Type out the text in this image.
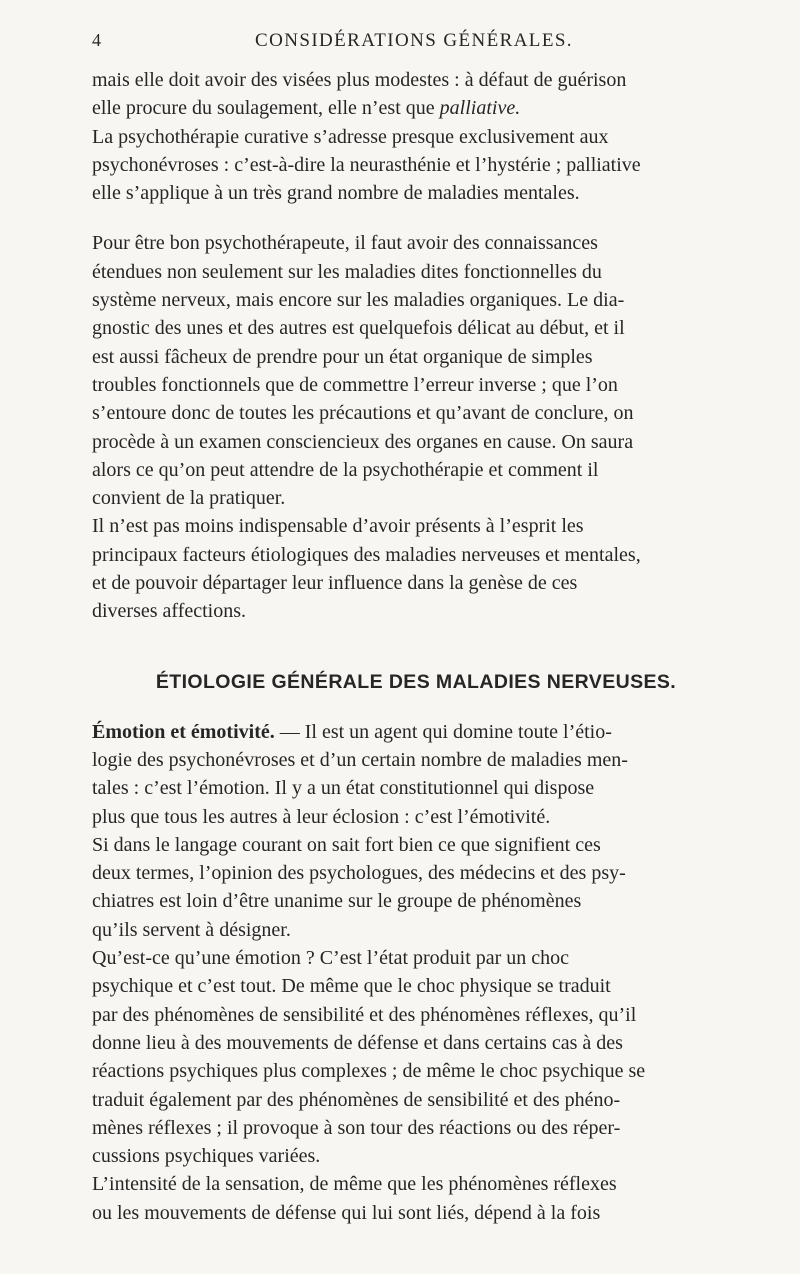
4	CONSIDÉRATIONS GÉNÉRALES.
mais elle doit avoir des visées plus modestes : à défaut de guérison
elle procure du soulagement, elle n’est que palliative.
La psychothérapie curative s’adresse presque exclusivement aux
psychonévroses : c’est-à-dire la neurasthénie et l’hystérie ; palliative
elle s’applique à un très grand nombre de maladies mentales.
Pour être bon psychothérapeute, il faut avoir des connaissances
étendues non seulement sur les maladies dites fonctionnelles du
système nerveux, mais encore sur les maladies organiques. Le dia-
gnostic des unes et des autres est quelquefois délicat au début, et il
est aussi fâcheux de prendre pour un état organique de simples
troubles fonctionnels que de commettre l’erreur inverse ; que l’on
s’entoure donc de toutes les précautions et qu’avant de conclure, on
procède à un examen consciencieux des organes en cause. On saura
alors ce qu’on peut attendre de la psychothérapie et comment il
convient de la pratiquer.
Il n’est pas moins indispensable d’avoir présents à l’esprit les
principaux facteurs étiologiques des maladies nerveuses et mentales,
et de pouvoir départager leur influence dans la genèse de ces
diverses affections.
ÉTIOLOGIE GÉNÉRALE DES MALADIES NERVEUSES.
Émotion et émotivité. — Il est un agent qui domine toute l’étio-
logie des psychonévroses et d’un certain nombre de maladies men-
tales : c’est l’émotion. Il y a un état constitutionnel qui dispose
plus que tous les autres à leur éclosion : c’est l’émotivité.
Si dans le langage courant on sait fort bien ce que signifient ces
deux termes, l’opinion des psychologues, des médecins et des psy-
chiatres est loin d’être unanime sur le groupe de phénomènes
qu’ils servent à désigner.
Qu’est-ce qu’une émotion ? C’est l’état produit par un choc
psychique et c’est tout. De même que le choc physique se traduit
par des phénomènes de sensibilité et des phénomènes réflexes, qu’il
donne lieu à des mouvements de défense et dans certains cas à des
réactions psychiques plus complexes ; de même le choc psychique se
traduit également par des phénomènes de sensibilité et des phéno-
mènes réflexes ; il provoque à son tour des réactions ou des réper-
cussions psychiques variées.
L’intensité de la sensation, de même que les phénomènes réflexes
ou les mouvements de défense qui lui sont liés, dépend à la fois
